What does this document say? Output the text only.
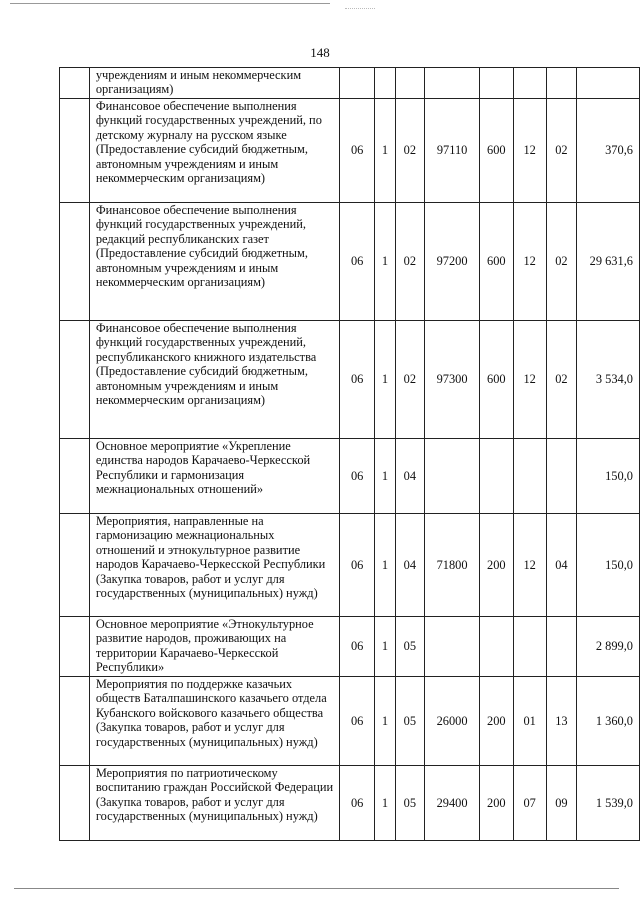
148
	учреждениям и иным некоммерческим организациям)								
	Финансовое обеспечение выполнения функций государственных учреждений, по детскому журналу на русском языке (Предоставление субсидий бюджетным, автономным учреждениям и иным некоммерческим организациям)	06	1	02	97110	600	12	02	370,6
	Финансовое обеспечение выполнения функций государственных учреждений, редакций республиканских газет (Предоставление субсидий бюджетным, автономным учреждениям и иным некоммерческим организациям)	06	1	02	97200	600	12	02	29 631,6
	Финансовое обеспечение выполнения функций государственных учреждений, республиканского книжного издательства (Предоставление субсидий бюджетным, автономным учреждениям и иным некоммерческим организациям)	06	1	02	97300	600	12	02	3 534,0
	Основное мероприятие «Укрепление единства народов Карачаево-Черкесской Республики и гармонизация межнациональных отношений»	06	1	04					150,0
	Мероприятия, направленные на гармонизацию межнациональных отношений и этнокультурное развитие народов Карачаево-Черкесской Республики (Закупка товаров, работ и услуг для государственных (муниципальных) нужд)	06	1	04	71800	200	12	04	150,0
	Основное мероприятие «Этнокультурное развитие народов, проживающих на территории Карачаево-Черкесской Республики»	06	1	05					2 899,0
	Мероприятия по поддержке казачьих обществ Баталпашинского казачьего отдела Кубанского войскового казачьего общества (Закупка товаров, работ и услуг для государственных (муниципальных) нужд)	06	1	05	26000	200	01	13	1 360,0
	Мероприятия по патриотическому воспитанию граждан Российской Федерации (Закупка товаров, работ и услуг для государственных (муниципальных) нужд)	06	1	05	29400	200	07	09	1 539,0
